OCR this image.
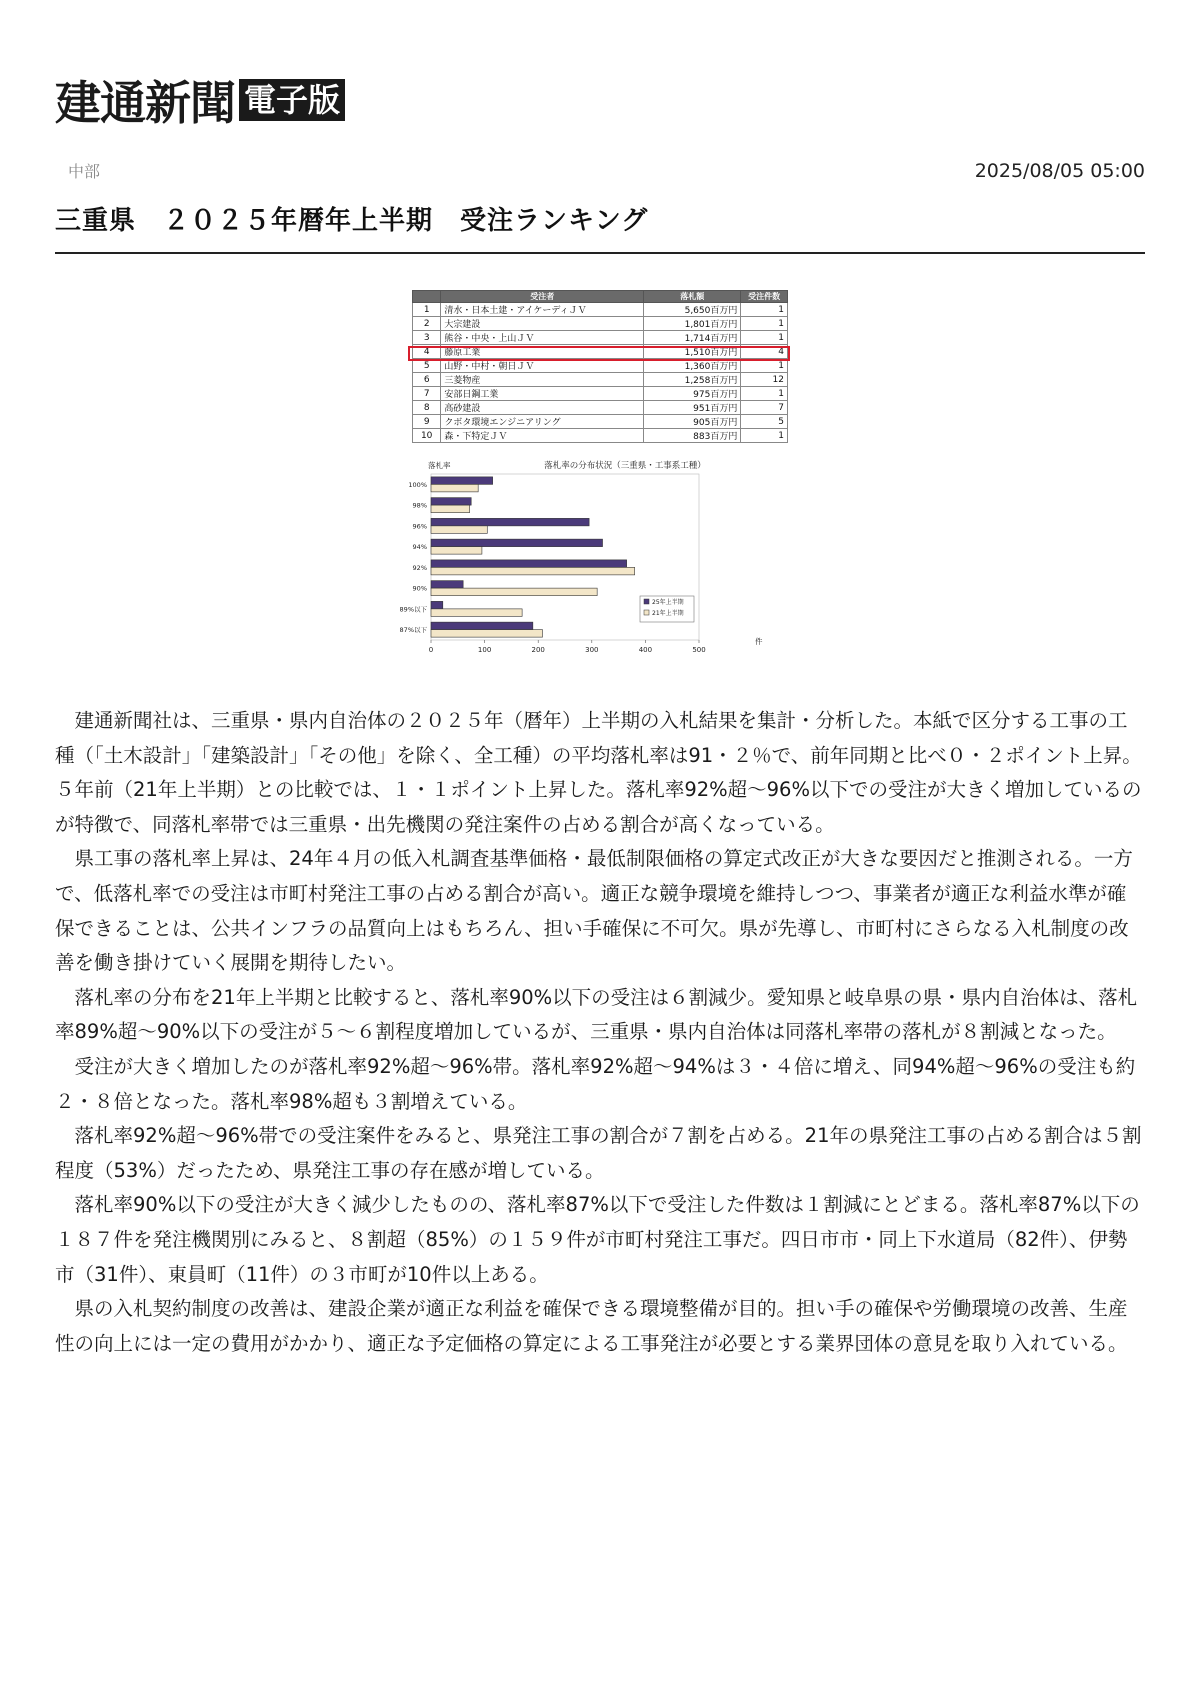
建通新聞 電子版
中部	2025/08/05 05:00
三重県　２０２５年暦年上半期　受注ランキング
	受注者	落札額	受注件数
1	清水・日本土建・アイケーディＪＶ	5,650百万円	1
2	大宗建設	1,801百万円	1
3	熊谷・中央・上山ＪＶ	1,714百万円	1
4	藤原工業	1,510百万円	4
5	山野・中村・朝日ＪＶ	1,360百万円	1
6	三菱物産	1,258百万円	12
7	安部日鋼工業	975百万円	1
8	高砂建設	951百万円	7
9	クボタ環境エンジニアリング	905百万円	5
10	森・下特定ＪＶ	883百万円	1
落札率の分布状況（三重県・工事系工種）
落札率
件
100%
98%
96%
94%
92%
90%
89%以下
87%以下
0	100	200	300	400	500
25年上半期
21年上半期

建通新聞社は、三重県・県内自治体の２０２５年（暦年）上半期の入札結果を集計・分析した。本紙で区分する工事の工種（「土木設計」「建築設計」「その他」を除く、全工種）の平均落札率は91・２％で、前年同期と比べ０・２ポイント上昇。５年前（21年上半期）との比較では、１・１ポイント上昇した。落札率92%超～96%以下での受注が大きく増加しているのが特徴で、同落札率帯では三重県・出先機関の発注案件の占める割合が高くなっている。

県工事の落札率上昇は、24年４月の低入札調査基準価格・最低制限価格の算定式改正が大きな要因だと推測される。一方で、低落札率での受注は市町村発注工事の占める割合が高い。適正な競争環境を維持しつつ、事業者が適正な利益水準が確保できることは、公共インフラの品質向上はもちろん、担い手確保に不可欠。県が先導し、市町村にさらなる入札制度の改善を働き掛けていく展開を期待したい。

落札率の分布を21年上半期と比較すると、落札率90%以下の受注は６割減少。愛知県と岐阜県の県・県内自治体は、落札率89%超～90%以下の受注が５～６割程度増加しているが、三重県・県内自治体は同落札率帯の落札が８割減となった。

受注が大きく増加したのが落札率92%超～96%帯。落札率92%超～94%は３・４倍に増え、同94%超～96%の受注も約２・８倍となった。落札率98%超も３割増えている。

落札率92%超～96%帯での受注案件をみると、県発注工事の割合が７割を占める。21年の県発注工事の占める割合は５割程度（53%）だったため、県発注工事の存在感が増している。

落札率90%以下の受注が大きく減少したものの、落札率87%以下で受注した件数は１割減にとどまる。落札率87%以下の１８７件を発注機関別にみると、８割超（85%）の１５９件が市町村発注工事だ。四日市市・同上下水道局（82件）、伊勢市（31件）、東員町（11件）の３市町が10件以上ある。

県の入札契約制度の改善は、建設企業が適正な利益を確保できる環境整備が目的。担い手の確保や労働環境の改善、生産性の向上には一定の費用がかかり、適正な予定価格の算定による工事発注が必要とする業界団体の意見を取り入れている。
